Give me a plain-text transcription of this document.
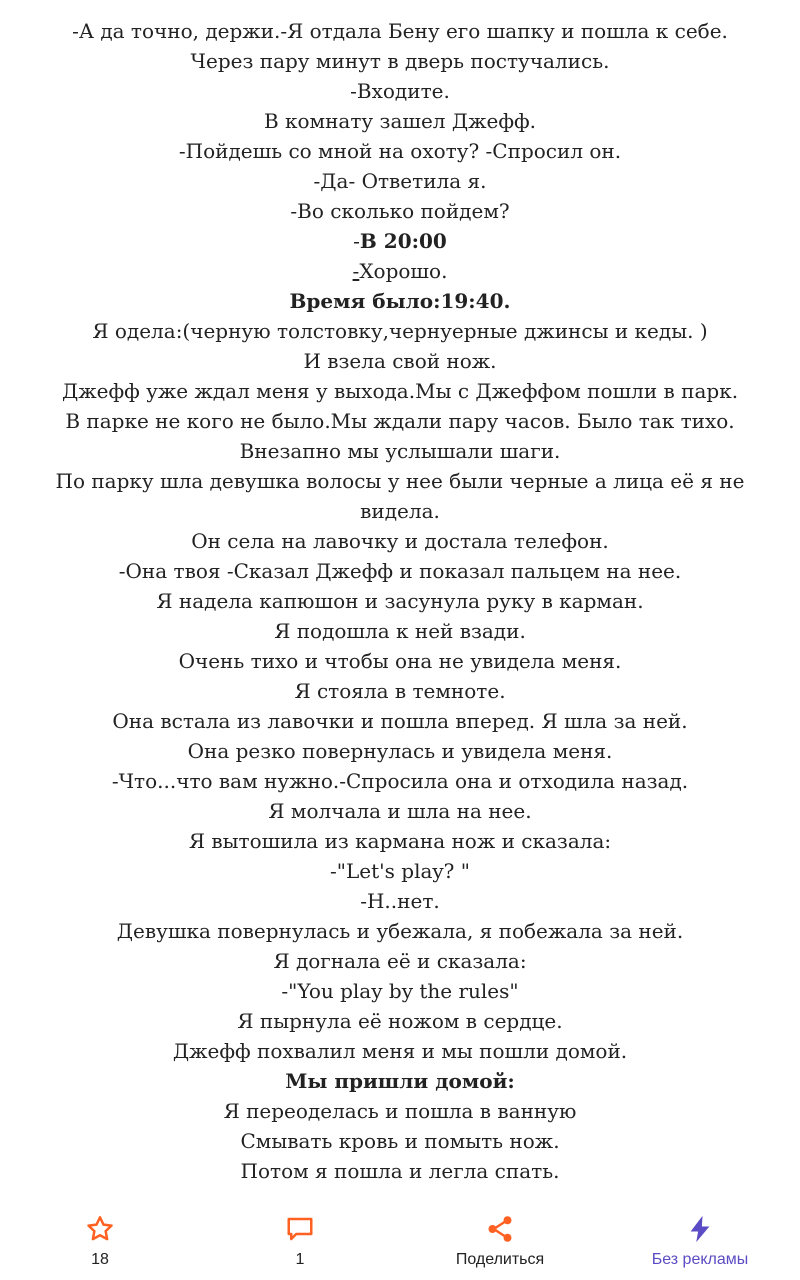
-А да точно, держи.-Я отдала Бену его шапку и пошла к себе.

Через пару минут в дверь постучались.

-Входите.

В комнату зашел Джефф.

-Пойдешь со мной на охоту? -Спросил он.

-Да- Ответила я.

-Во сколько пойдем?

-В 20:00

-Хорошо.

Время было:19:40.

Я одела:(черную толстовку,чернуерные джинсы и кеды. )

И взела свой нож.

Джефф уже ждал меня у выхода.Мы с Джеффом пошли в парк.

В парке не кого не было.Мы ждали пару часов. Было так тихо.

Внезапно мы услышали шаги.

По парку шла девушка волосы у нее были черные а лица её я не видела.

Он села на лавочку и достала телефон.

-Она твоя -Сказал Джефф и показал пальцем на нее.

Я надела капюшон и засунула руку в карман.

Я подошла к ней взади.

Очень тихо и чтобы она не увидела меня.

Я стояла в темноте.

Она встала из лавочки и пошла вперед. Я шла за ней.

Она резко повернулась и увидела меня.

-Что...что вам нужно.-Спросила она и отходила назад.

Я молчала и шла на нее.

Я вытошила из кармана нож и сказала:

-"Let's play? "

-Н..нет.

Девушка повернулась и убежала, я побежала за ней.

Я догнала её и сказала:

-"You play by the rules"

Я пырнула её ножом в сердце.

Джефф похвалил меня и мы пошли домой.

Мы пришли домой:

Я переоделась и пошла в ванную

Смывать кровь и помыть нож.

Потом я пошла и легла спать.

18	1	Поделиться	Без рекламы
